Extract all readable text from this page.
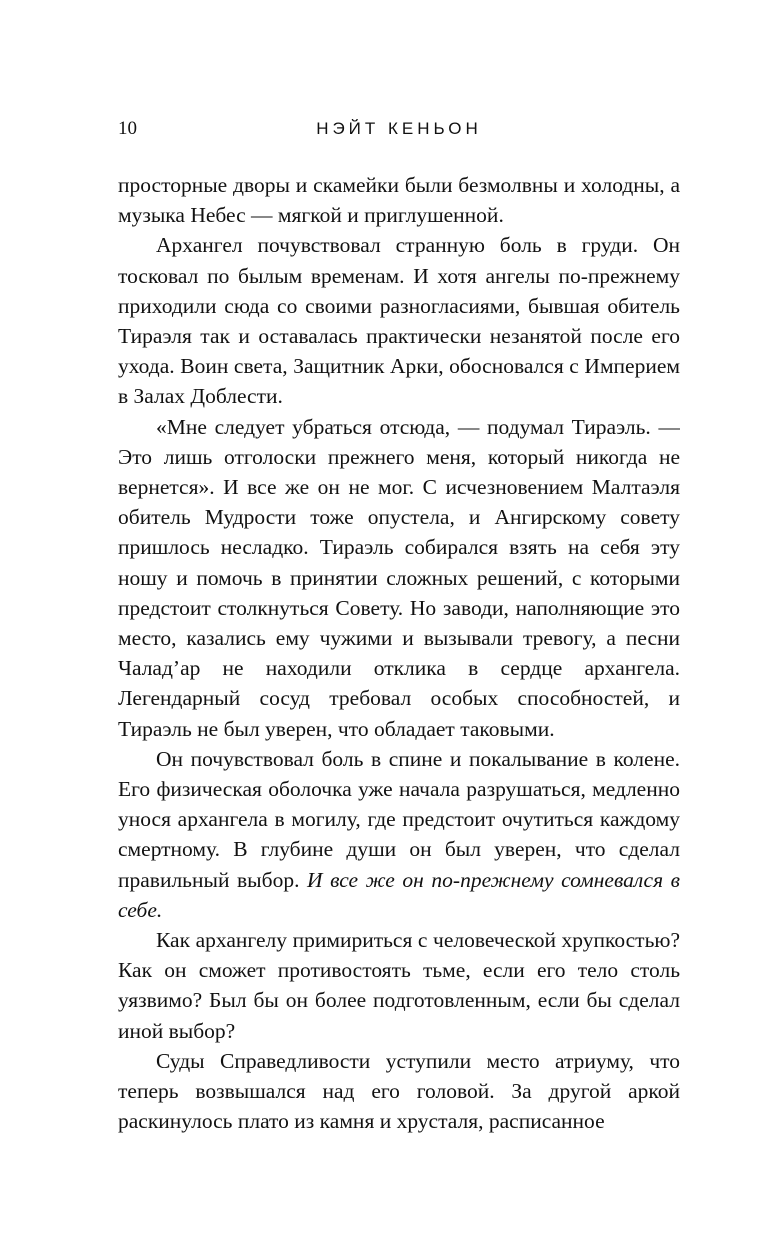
10	НЭЙТ КЕНЬОН

просторные дворы и скамейки были безмолвны и холодны, а музыка Небес — мягкой и приглушенной.

Архангел почувствовал странную боль в груди. Он тосковал по былым временам. И хотя ангелы по-прежнему приходили сюда со своими разногласиями, бывшая обитель Тираэля так и оставалась практически незанятой после его ухода. Воин света, Защитник Арки, обосновался с Империем в Залах Доблести.

«Мне следует убраться отсюда, — подумал Тираэль. — Это лишь отголоски прежнего меня, который никогда не вернется». И все же он не мог. С исчезновением Малтаэля обитель Мудрости тоже опустела, и Ангирскому совету пришлось несладко. Тираэль собирался взять на себя эту ношу и помочь в принятии сложных решений, с которыми предстоит столкнуться Совету. Но заводи, наполняющие это место, казались ему чужими и вызывали тревогу, а песни Чалад’ар не находили отклика в сердце архангела. Легендарный сосуд требовал особых способностей, и Тираэль не был уверен, что обладает таковыми.

Он почувствовал боль в спине и покалывание в колене. Его физическая оболочка уже начала разрушаться, медленно унося архангела в могилу, где предстоит очутиться каждому смертному. В глубине души он был уверен, что сделал правильный выбор. И все же он по-прежнему сомневался в себе.

Как архангелу примириться с человеческой хрупкостью? Как он сможет противостоять тьме, если его тело столь уязвимо? Был бы он более подготовленным, если бы сделал иной выбор?

Суды Справедливости уступили место атриуму, что теперь возвышался над его головой. За другой аркой раскинулось плато из камня и хрусталя, расписанное
